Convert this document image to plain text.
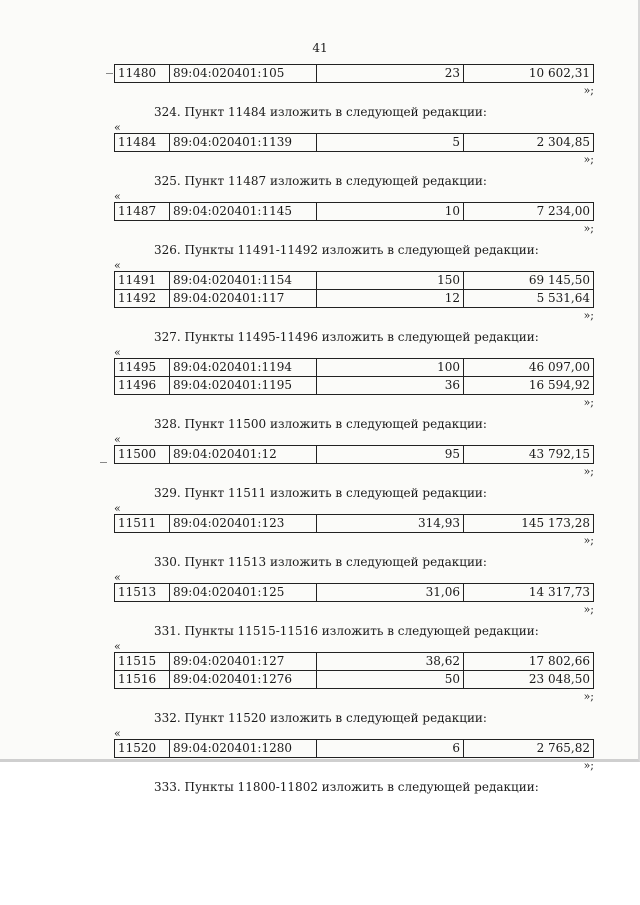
41
11480	89:04:020401:105	23	10 602,31
»;
324. Пункт 11484 изложить в следующей редакции:
«
11484	89:04:020401:1139	5	2 304,85
»;
325. Пункт 11487 изложить в следующей редакции:
«
11487	89:04:020401:1145	10	7 234,00
»;
326. Пункты 11491-11492 изложить в следующей редакции:
«
11491	89:04:020401:1154	150	69 145,50
11492	89:04:020401:117	12	5 531,64
»;
327. Пункты 11495-11496 изложить в следующей редакции:
«
11495	89:04:020401:1194	100	46 097,00
11496	89:04:020401:1195	36	16 594,92
»;
328. Пункт 11500 изложить в следующей редакции:
«
11500	89:04:020401:12	95	43 792,15
»;
329. Пункт 11511 изложить в следующей редакции:
«
11511	89:04:020401:123	314,93	145 173,28
»;
330. Пункт 11513 изложить в следующей редакции:
«
11513	89:04:020401:125	31,06	14 317,73
»;
331. Пункты 11515-11516 изложить в следующей редакции:
«
11515	89:04:020401:127	38,62	17 802,66
11516	89:04:020401:1276	50	23 048,50
»;
332. Пункт 11520 изложить в следующей редакции:
«
11520	89:04:020401:1280	6	2 765,82
»;
333. Пункты 11800-11802 изложить в следующей редакции:
